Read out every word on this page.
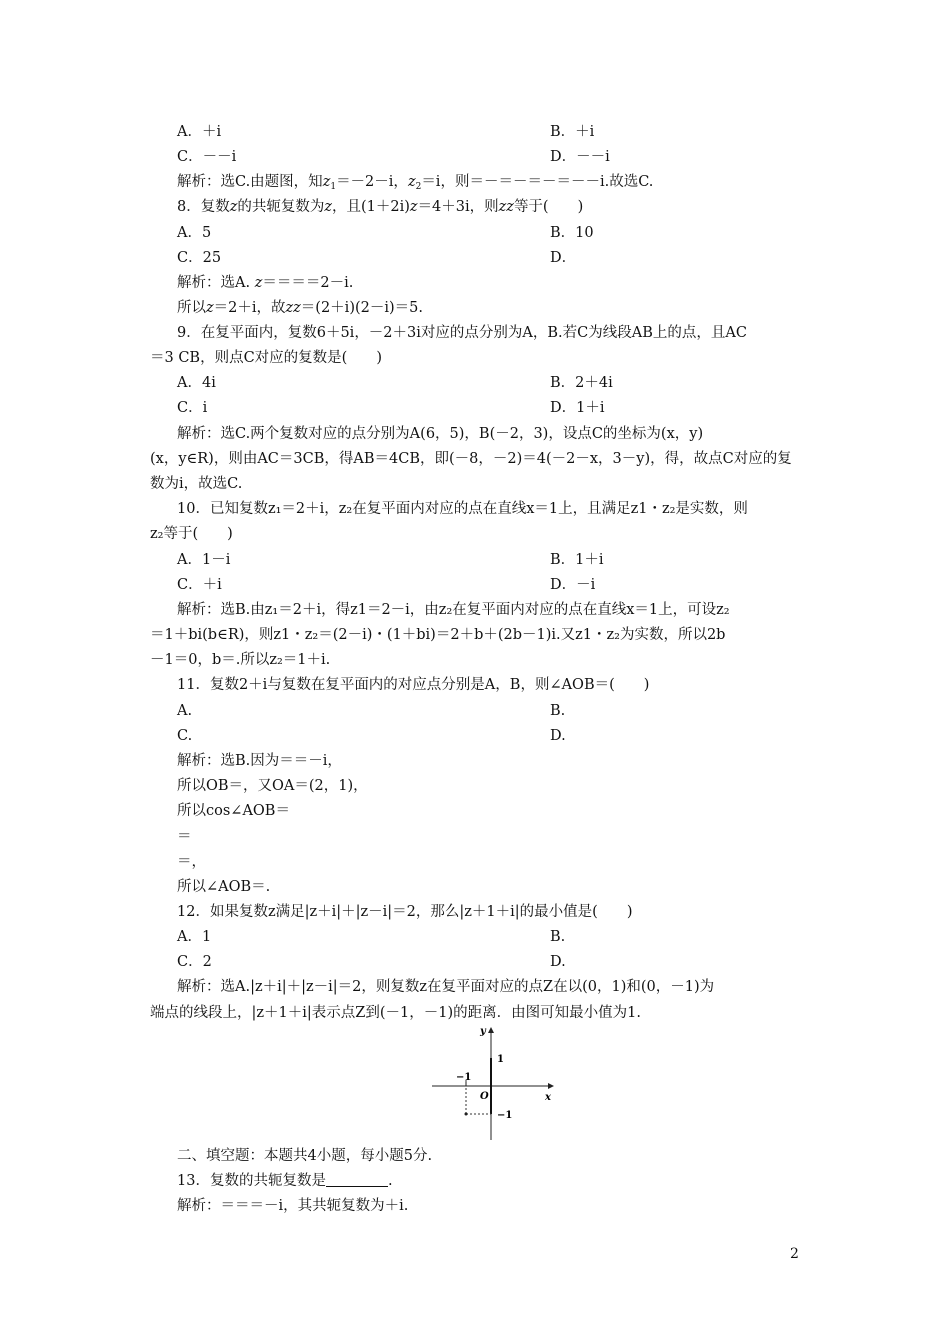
A．＋i	B．＋i
C．－－i	D．－－i
解析：选C.由题图，知$z_1=-2-i$，$z_2=i$，则＝－＝－＝－＝－－i.故选C.
8．复数z的共轭复数为z，且(1＋2i)z＝4＋3i，则zz等于(　　)
A．5	B．10
C．25	D．
解析：选A. z＝＝＝＝2－i.
所以z＝2＋i，故zz＝(2＋i)(2－i)＝5.
9．在复平面内，复数6＋5i，－2＋3i对应的点分别为A，B.若C为线段AB上的点，且AC
＝3 CB，则点C对应的复数是(　　)
A．4i	B．2＋4i
C．i	D．1＋i
解析：选C.两个复数对应的点分别为A(6，5)，B(－2，3)，设点C的坐标为(x，y)
(x，y∈R)，则由AC＝3CB，得AB＝4CB，即(－8，－2)＝4(－2－x，3－y)，得，故点C对应的复
数为i，故选C.
10．已知复数z₁＝2＋i，z₂在复平面内对应的点在直线x＝1上，且满足z1・z₂是实数，则
z₂等于(　　)
A．1－i	B．1＋i
C．＋i	D．－i
解析：选B.由z₁＝2＋i，得z1＝2－i，由z₂在复平面内对应的点在直线x＝1上，可设z₂
＝1＋bi(b∈R)，则z1・z₂＝(2－i)・(1＋bi)＝2＋b＋(2b－1)i.又z1・z₂为实数，所以2b
－1＝0，b＝.所以z₂＝1＋i.
11．复数2＋i与复数在复平面内的对应点分别是A，B，则∠AOB＝(　　)
A.	B.
C.	D.
解析：选B.因为＝＝－i，
所以OB＝，又OA＝(2，1)，
所以cos∠AOB＝
＝
＝，
所以∠AOB＝.
12．如果复数z满足|z＋i|＋|z－i|＝2，那么|z＋1＋i|的最小值是(　　)
A．1	B.
C．2	D.
解析：选A.|z＋i|＋|z－i|＝2，则复数z在复平面对应的点Z在以(0，1)和(0，－1)为
端点的线段上，|z＋1＋i|表示点Z到(－1，－1)的距离．由图可知最小值为1.
y
x
1
−1
−1
O
二、填空题：本题共4小题，每小题5分.
13．复数的共轭复数是	.
解析：＝＝＝－i，其共轭复数为＋i.
2
